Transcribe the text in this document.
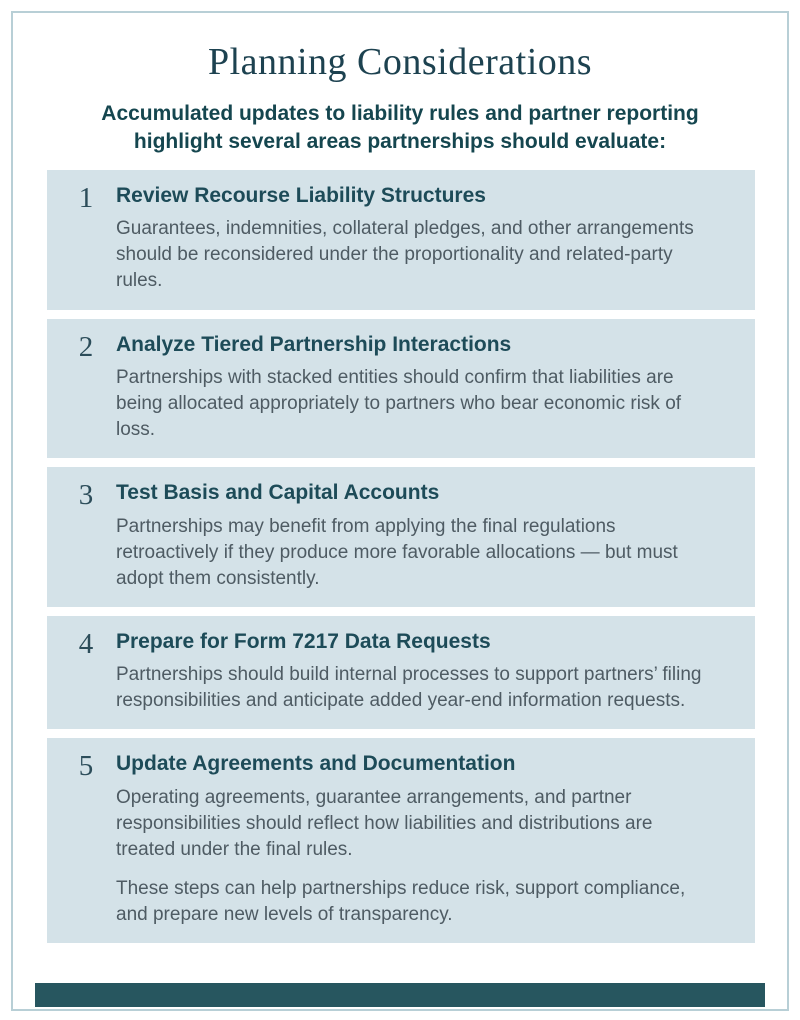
Planning Considerations
Accumulated updates to liability rules and partner reporting highlight several areas partnerships should evaluate:
1 Review Recourse Liability Structures

Guarantees, indemnities, collateral pledges, and other arrangements should be reconsidered under the proportionality and related-party rules.

2 Analyze Tiered Partnership Interactions

Partnerships with stacked entities should confirm that liabilities are being allocated appropriately to partners who bear economic risk of loss.

3 Test Basis and Capital Accounts

Partnerships may benefit from applying the final regulations retroactively if they produce more favorable allocations — but must adopt them consistently.

4 Prepare for Form 7217 Data Requests

Partnerships should build internal processes to support partners’ filing responsibilities and anticipate added year-end information requests.

5 Update Agreements and Documentation

Operating agreements, guarantee arrangements, and partner responsibilities should reflect how liabilities and distributions are treated under the final rules.

These steps can help partnerships reduce risk, support compliance, and prepare new levels of transparency.
